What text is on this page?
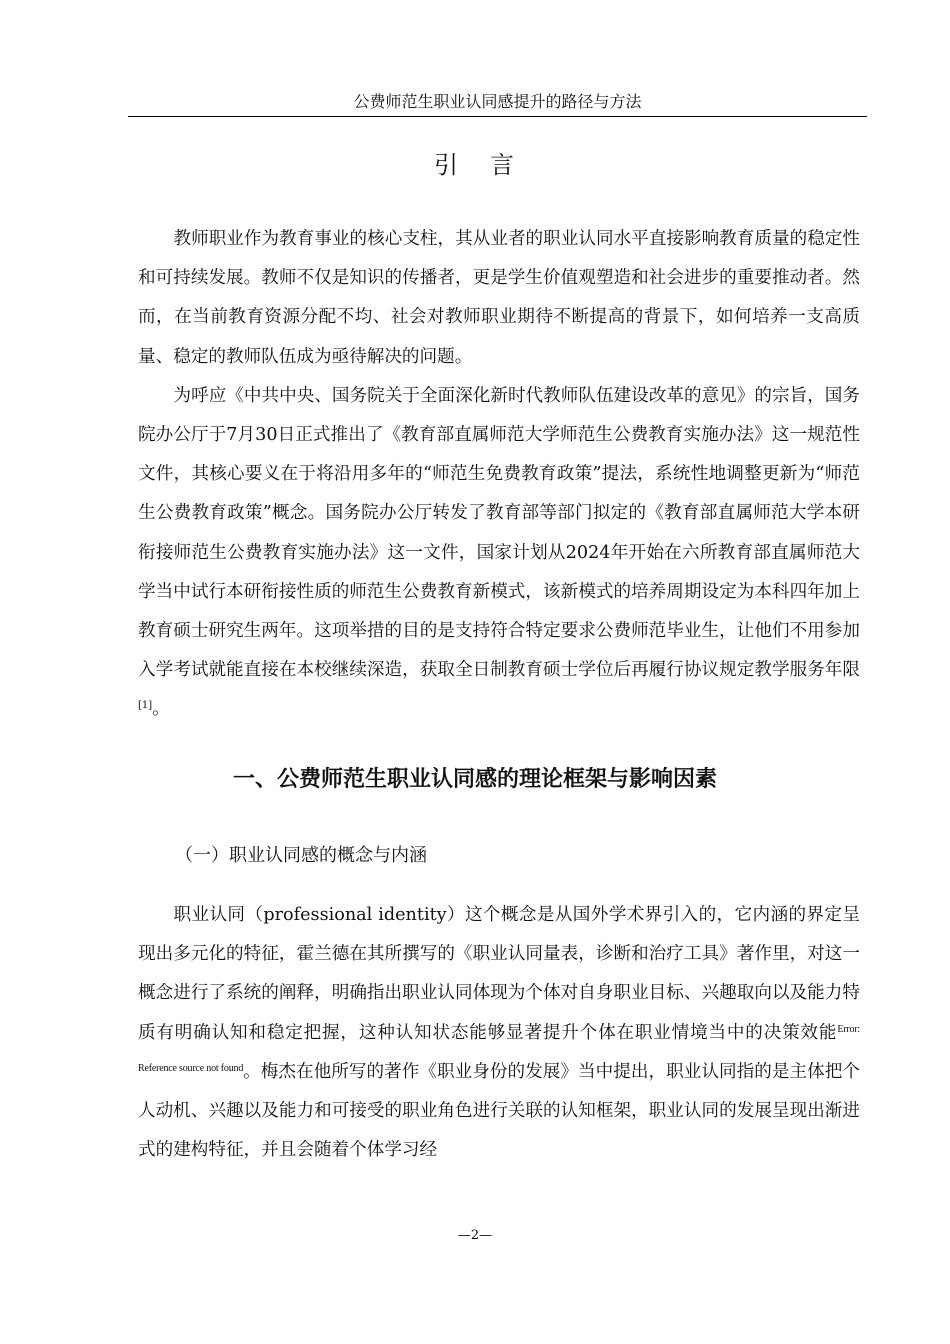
公费师范生职业认同感提升的路径与方法
引 言

教师职业作为教育事业的核心支柱，其从业者的职业认同水平直接影响教育质量的稳定性和可持续发展。教师不仅是知识的传播者，更是学生价值观塑造和社会进步的重要推动者。然而，在当前教育资源分配不均、社会对教师职业期待不断提高的背景下，如何培养一支高质量、稳定的教师队伍成为亟待解决的问题。

为呼应《中共中央、国务院关于全面深化新时代教师队伍建设改革的意见》的宗旨，国务院办公厅于7月30日正式推出了《教育部直属师范大学师范生公费教育实施办法》这一规范性文件，其核心要义在于将沿用多年的“师范生免费教育政策”提法，系统性地调整更新为“师范生公费教育政策”概念。国务院办公厅转发了教育部等部门拟定的《教育部直属师范大学本研衔接师范生公费教育实施办法》这一文件，国家计划从2024年开始在六所教育部直属师范大学当中试行本研衔接性质的师范生公费教育新模式，该新模式的培养周期设定为本科四年加上教育硕士研究生两年。这项举措的目的是支持符合特定要求公费师范毕业生，让他们不用参加入学考试就能直接在本校继续深造，获取全日制教育硕士学位后再履行协议规定教学服务年限[1]。

一、公费师范生职业认同感的理论框架与影响因素
（一）职业认同感的概念与内涵

职业认同（professional identity）这个概念是从国外学术界引入的，它内涵的界定呈现出多元化的特征，霍兰德在其所撰写的《职业认同量表，诊断和治疗工具》著作里，对这一概念进行了系统的阐释，明确指出职业认同体现为个体对自身职业目标、兴趣取向以及能力特质有明确认知和稳定把握，这种认知状态能够显著提升个体在职业情境当中的决策效能$^{Error: Reference source not found}$。梅杰在他所写的著作《职业身份的发展》当中提出，职业认同指的是主体把个人动机、兴趣以及能力和可接受的职业角色进行关联的认知框架，职业认同的发展呈现出渐进式的建构特征，并且会随着个体学习经

—2—
